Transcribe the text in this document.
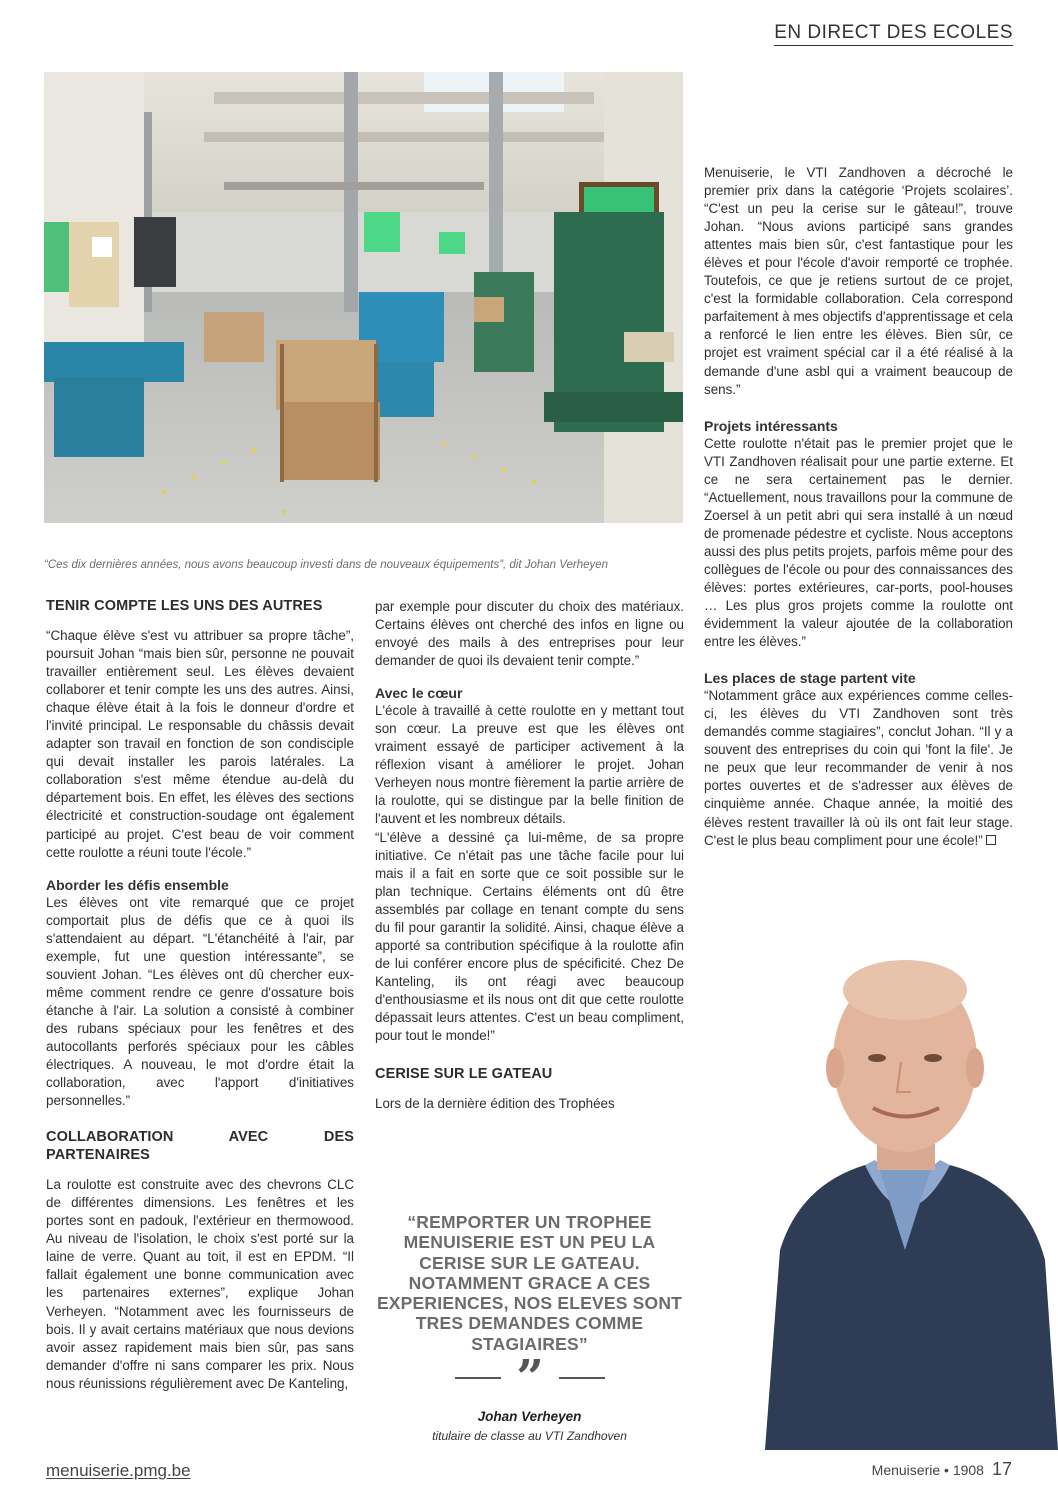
EN DIRECT DES ECOLES
“Ces dix dernières années, nous avons beaucoup investi dans de nouveaux équipements”, dit Johan Verheyen
TENIR COMPTE LES UNS DES AUTRES

“Chaque élève s'est vu attribuer sa propre tâche”, poursuit Johan “mais bien sûr, personne ne pouvait travailler entièrement seul. Les élèves devaient collaborer et tenir compte les uns des autres. Ainsi, chaque élève était à la fois le donneur d'ordre et l'invité principal. Le responsable du châssis devait adapter son travail en fonction de son condisciple qui devait installer les parois latérales. La collaboration s'est même étendue au-delà du département bois. En effet, les élèves des sections électricité et construction-soudage ont également participé au projet. C'est beau de voir comment cette roulotte a réuni toute l'école.”

Aborder les défis ensemble

Les élèves ont vite remarqué que ce projet comportait plus de défis que ce à quoi ils s'attendaient au départ. “L'étanchéité à l'air, par exemple, fut une question intéressante”, se souvient Johan. “Les élèves ont dû chercher eux-même comment rendre ce genre d'ossature bois étanche à l'air. La solution a consisté à combiner des rubans spéciaux pour les fenêtres et des autocollants perforés spéciaux pour les câbles électriques. A nouveau, le mot d'ordre était la collaboration, avec l'apport d'initiatives personnelles.”

COLLABORATION AVEC DES PARTENAIRES

La roulotte est construite avec des chevrons CLC de différentes dimensions. Les fenêtres et les portes sont en padouk, l'extérieur en thermowood. Au niveau de l'isolation, le choix s'est porté sur la laine de verre. Quant au toit, il est en EPDM. “Il fallait également une bonne communication avec les partenaires externes”, explique Johan Verheyen. “Notamment avec les fournisseurs de bois. Il y avait certains matériaux que nous devions avoir assez rapidement mais bien sûr, pas sans demander d'offre ni sans comparer les prix. Nous nous réunissions régulièrement avec De Kanteling,

par exemple pour discuter du choix des matériaux. Certains élèves ont cherché des infos en ligne ou envoyé des mails à des entreprises pour leur demander de quoi ils devaient tenir compte.”

Avec le cœur

L'école à travaillé à cette roulotte en y mettant tout son cœur. La preuve est que les élèves ont vraiment essayé de participer activement à la réflexion visant à améliorer le projet. Johan Verheyen nous montre fièrement la partie arrière de la roulotte, qui se distingue par la belle finition de l'auvent et les nombreux détails.

“L'élève a dessiné ça lui-même, de sa propre initiative. Ce n'était pas une tâche facile pour lui mais il a fait en sorte que ce soit possible sur le plan technique. Certains éléments ont dû être assemblés par collage en tenant compte du sens du fil pour garantir la solidité. Ainsi, chaque élève a apporté sa contribution spécifique à la roulotte afin de lui conférer encore plus de spécificité. Chez De Kanteling, ils ont réagi avec beaucoup d'enthousiasme et ils nous ont dit que cette roulotte dépassait leurs attentes. C'est un beau compliment, pour tout le monde!”

CERISE SUR LE GATEAU

Lors de la dernière édition des Trophées

Menuiserie, le VTI Zandhoven a décroché le premier prix dans la catégorie ‘Projets scolaires’. “C'est un peu la cerise sur le gâteau!”, trouve Johan. “Nous avions participé sans grandes attentes mais bien sûr, c'est fantastique pour les élèves et pour l'école d'avoir remporté ce trophée. Toutefois, ce que je retiens surtout de ce projet, c'est la formidable collaboration. Cela correspond parfaitement à mes objectifs d'apprentissage et cela a renforcé le lien entre les élèves. Bien sûr, ce projet est vraiment spécial car il a été réalisé à la demande d'une asbl qui a vraiment beaucoup de sens.”

Projets intéressants

Cette roulotte n'était pas le premier projet que le VTI Zandhoven réalisait pour une partie externe. Et ce ne sera certainement pas le dernier. “Actuellement, nous travaillons pour la commune de Zoersel à un petit abri qui sera installé à un nœud de promenade pédestre et cycliste. Nous acceptons aussi des plus petits projets, parfois même pour des collègues de l'école ou pour des connaissances des élèves: portes extérieures, car-ports, pool-houses … Les plus gros projets comme la roulotte ont évidemment la valeur ajoutée de la collaboration entre les élèves.”

Les places de stage partent vite

“Notamment grâce aux expériences comme celles-ci, les élèves du VTI Zandhoven sont très demandés comme stagiaires”, conclut Johan. “Il y a souvent des entreprises du coin qui 'font la file'. Je ne peux que leur recommander de venir à nos portes ouvertes et de s'adresser aux élèves de cinquième année. Chaque année, la moitié des élèves restent travailler là où ils ont fait leur stage. C'est le plus beau compliment pour une école!”

“REMPORTER UN TROPHEE MENUISERIE EST UN PEU LA CERISE SUR LE GATEAU. NOTAMMENT GRACE A CES EXPERIENCES, NOS ELEVES SONT TRES DEMANDES COMME STAGIAIRES”
”
Johan Verheyen
titulaire de classe au VTI Zandhoven
menuiserie.pmg.be	Menuiserie • 1908 17
